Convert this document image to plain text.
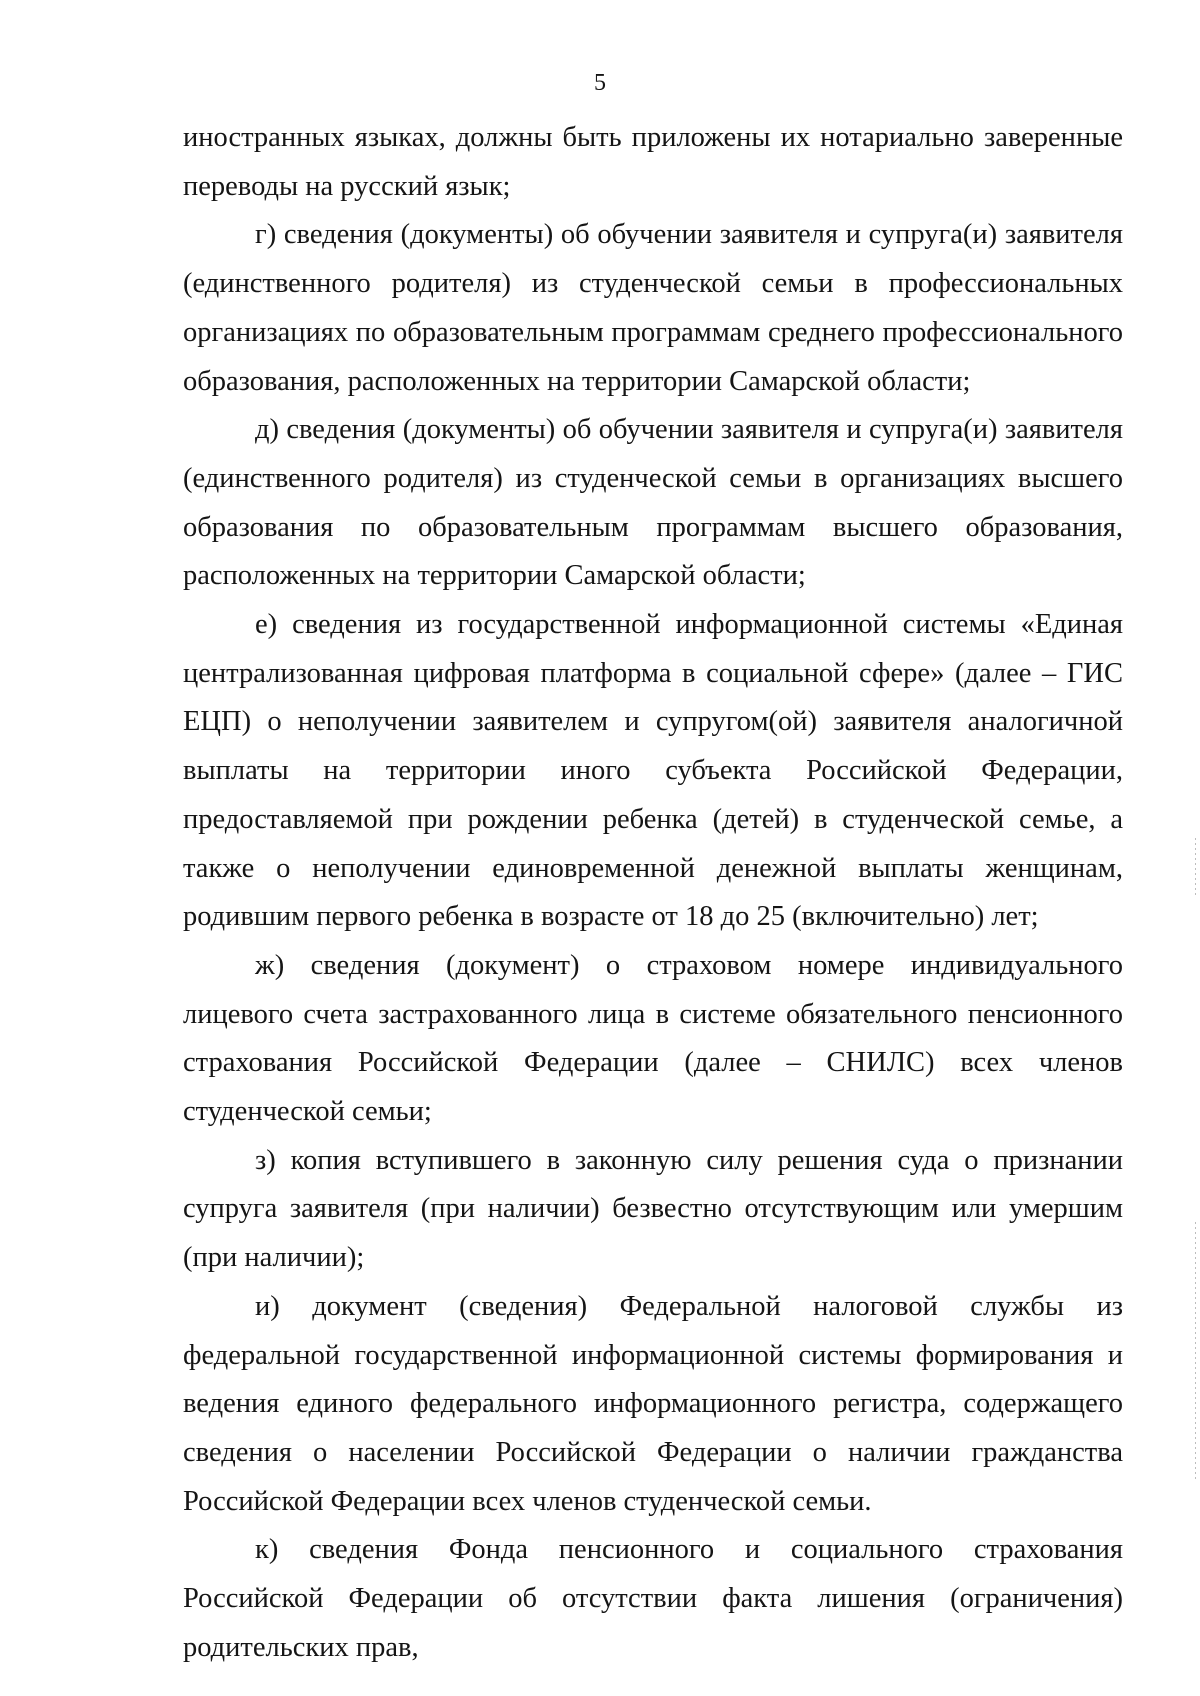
5

иностранных языках, должны быть приложены их нотариально заверенные переводы на русский язык;

г) сведения (документы) об обучении заявителя и супруга(и) заявителя (единственного родителя) из студенческой семьи в профессиональных организациях по образовательным программам среднего профессионального образования, расположенных на территории Самарской области;

д) сведения (документы) об обучении заявителя и супруга(и) заявителя (единственного родителя) из студенческой семьи в организациях высшего образования по образовательным программам высшего образования, расположенных на территории Самарской области;

е) сведения из государственной информационной системы «Единая централизованная цифровая платформа в социальной сфере» (далее – ГИС ЕЦП) о неполучении заявителем и супругом(ой) заявителя аналогичной выплаты на территории иного субъекта Российской Федерации, предоставляемой при рождении ребенка (детей) в студенческой семье, а также о неполучении единовременной денежной выплаты женщинам, родившим первого ребенка в возрасте от 18 до 25 (включительно) лет;

ж) сведения (документ) о страховом номере индивидуального лицевого счета застрахованного лица в системе обязательного пенсионного страхования Российской Федерации (далее – СНИЛС) всех членов студенческой семьи;

з) копия вступившего в законную силу решения суда о признании супруга заявителя (при наличии) безвестно отсутствующим или умершим (при наличии);

и) документ (сведения) Федеральной налоговой службы из федеральной государственной информационной системы формирования и ведения единого федерального информационного регистра, содержащего сведения о населении Российской Федерации о наличии гражданства Российской Федерации всех членов студенческой семьи.

к) сведения Фонда пенсионного и социального страхования Российской Федерации об отсутствии факта лишения (ограничения) родительских прав,
